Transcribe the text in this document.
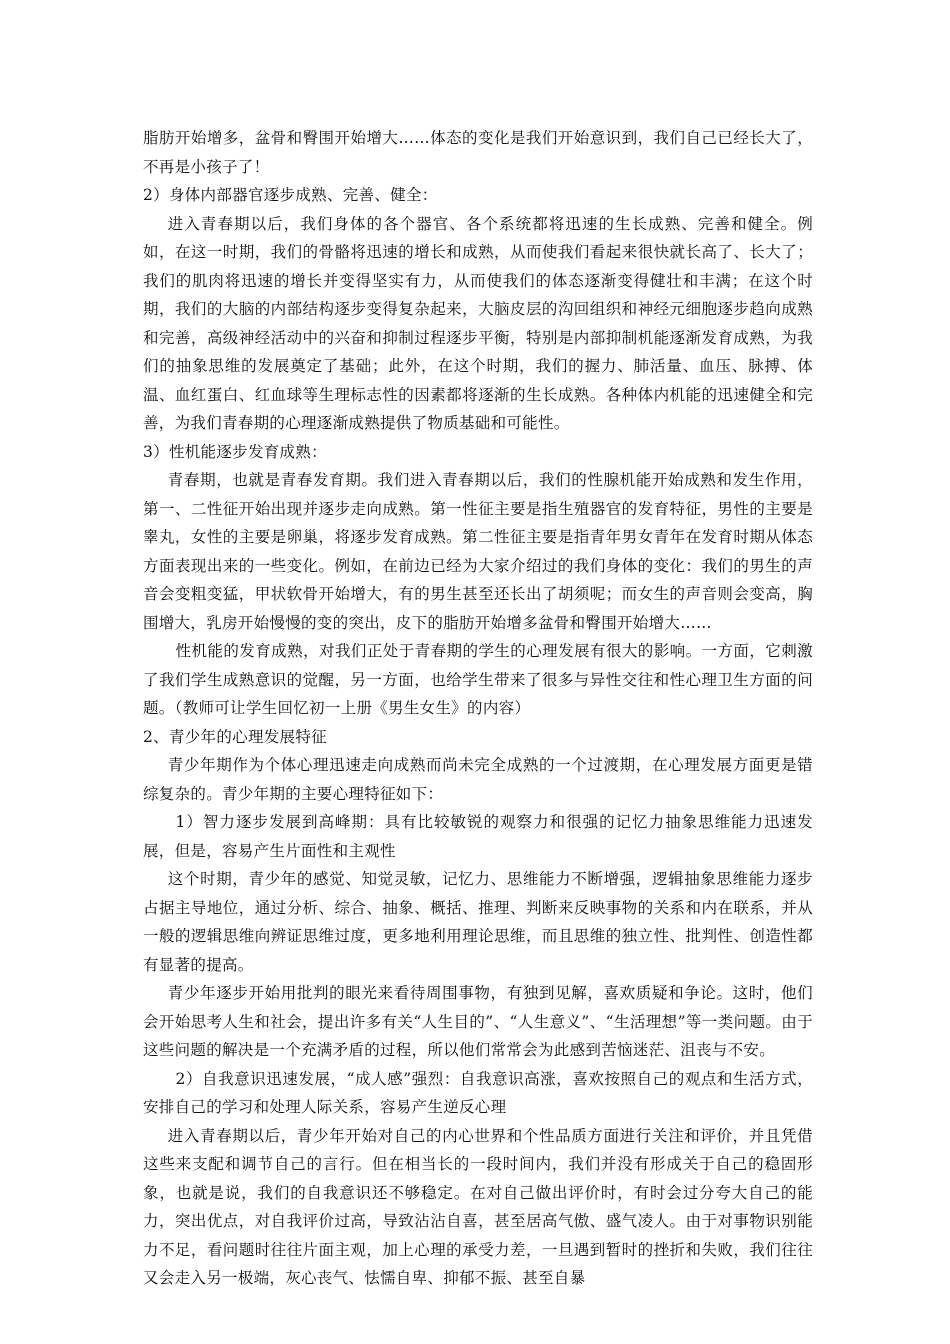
脂肪开始增多，盆骨和臀围开始增大……体态的变化是我们开始意识到，我们自己已经长大了，不再是小孩子了！

2）身体内部器官逐步成熟、完善、健全：

进入青春期以后，我们身体的各个器官、各个系统都将迅速的生长成熟、完善和健全。例如，在这一时期，我们的骨骼将迅速的增长和成熟，从而使我们看起来很快就长高了、长大了；我们的肌肉将迅速的增长并变得坚实有力，从而使我们的体态逐渐变得健壮和丰满；在这个时期，我们的大脑的内部结构逐步变得复杂起来，大脑皮层的沟回组织和神经元细胞逐步趋向成熟和完善，高级神经活动中的兴奋和抑制过程逐步平衡，特别是内部抑制机能逐渐发育成熟，为我们的抽象思维的发展奠定了基础；此外，在这个时期，我们的握力、肺活量、血压、脉搏、体温、血红蛋白、红血球等生理标志性的因素都将逐渐的生长成熟。各种体内机能的迅速健全和完善，为我们青春期的心理逐渐成熟提供了物质基础和可能性。

3）性机能逐步发育成熟：

青春期，也就是青春发育期。我们进入青春期以后，我们的性腺机能开始成熟和发生作用，第一、二性征开始出现并逐步走向成熟。第一性征主要是指生殖器官的发育特征，男性的主要是睾丸，女性的主要是卵巢，将逐步发育成熟。第二性征主要是指青年男女青年在发育时期从体态方面表现出来的一些变化。例如，在前边已经为大家介绍过的我们身体的变化：我们的男生的声音会变粗变猛，甲状软骨开始增大，有的男生甚至还长出了胡须呢；而女生的声音则会变高，胸围增大，乳房开始慢慢的变的突出，皮下的脂肪开始增多盆骨和臀围开始增大……

性机能的发育成熟，对我们正处于青春期的学生的心理发展有很大的影响。一方面，它刺激了我们学生成熟意识的觉醒，另一方面，也给学生带来了很多与异性交往和性心理卫生方面的问题。（教师可让学生回忆初一上册《男生女生》的内容）

2、青少年的心理发展特征

青少年期作为个体心理迅速走向成熟而尚未完全成熟的一个过渡期，在心理发展方面更是错综复杂的。青少年期的主要心理特征如下：

1）智力逐步发展到高峰期：具有比较敏锐的观察力和很强的记忆力抽象思维能力迅速发展，但是，容易产生片面性和主观性

这个时期，青少年的感觉、知觉灵敏，记忆力、思维能力不断增强，逻辑抽象思维能力逐步占据主导地位，通过分析、综合、抽象、概括、推理、判断来反映事物的关系和内在联系，并从一般的逻辑思维向辨证思维过度，更多地利用理论思维，而且思维的独立性、批判性、创造性都有显著的提高。

青少年逐步开始用批判的眼光来看待周围事物，有独到见解，喜欢质疑和争论。这时，他们会开始思考人生和社会，提出许多有关“人生目的”、“人生意义”、“生活理想”等一类问题。由于这些问题的解决是一个充满矛盾的过程，所以他们常常会为此感到苦恼迷茫、沮丧与不安。

2）自我意识迅速发展，“成人感”强烈：自我意识高涨，喜欢按照自己的观点和生活方式，安排自己的学习和处理人际关系，容易产生逆反心理

进入青春期以后，青少年开始对自己的内心世界和个性品质方面进行关注和评价，并且凭借这些来支配和调节自己的言行。但在相当长的一段时间内，我们并没有形成关于自己的稳固形象，也就是说，我们的自我意识还不够稳定。在对自己做出评价时，有时会过分夸大自己的能力，突出优点，对自我评价过高，导致沾沾自喜，甚至居高气傲、盛气凌人。由于对事物识别能力不足，看问题时往往片面主观，加上心理的承受力差，一旦遇到暂时的挫折和失败，我们往往又会走入另一极端，灰心丧气、怯懦自卑、抑郁不振、甚至自暴
